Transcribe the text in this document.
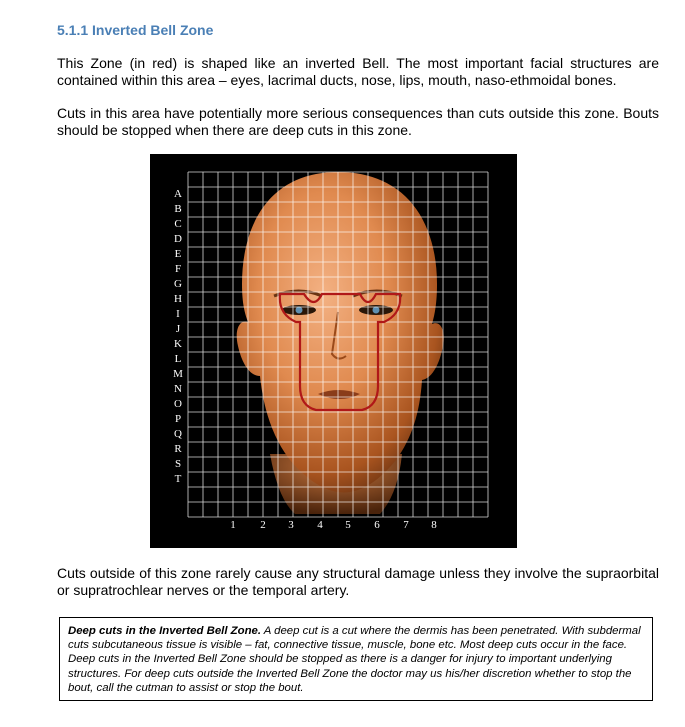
5.1.1 Inverted Bell Zone
This Zone (in red) is shaped like an inverted Bell. The most important facial structures are contained within this area – eyes, lacrimal ducts, nose, lips, mouth, naso-ethmoidal bones.
Cuts in this area have potentially more serious consequences than cuts outside this zone. Bouts should be stopped when there are deep cuts in this zone.
A
B
C
D
E
F
G
H
I
J
K
L
M
N
O
P
Q
R
S
T
1	2	3	4	5	6	7	8
Cuts outside of this zone rarely cause any structural damage unless they involve the supraorbital or supratrochlear nerves or the temporal artery.
Deep cuts in the Inverted Bell Zone. A deep cut is a cut where the dermis has been penetrated. With subdermal cuts subcutaneous tissue is visible – fat, connective tissue, muscle, bone etc. Most deep cuts occur in the face. Deep cuts in the Inverted Bell Zone should be stopped as there is a danger for injury to important underlying structures. For deep cuts outside the Inverted Bell Zone the doctor may us his/her discretion whether to stop the bout, call the cutman to assist or stop the bout.
